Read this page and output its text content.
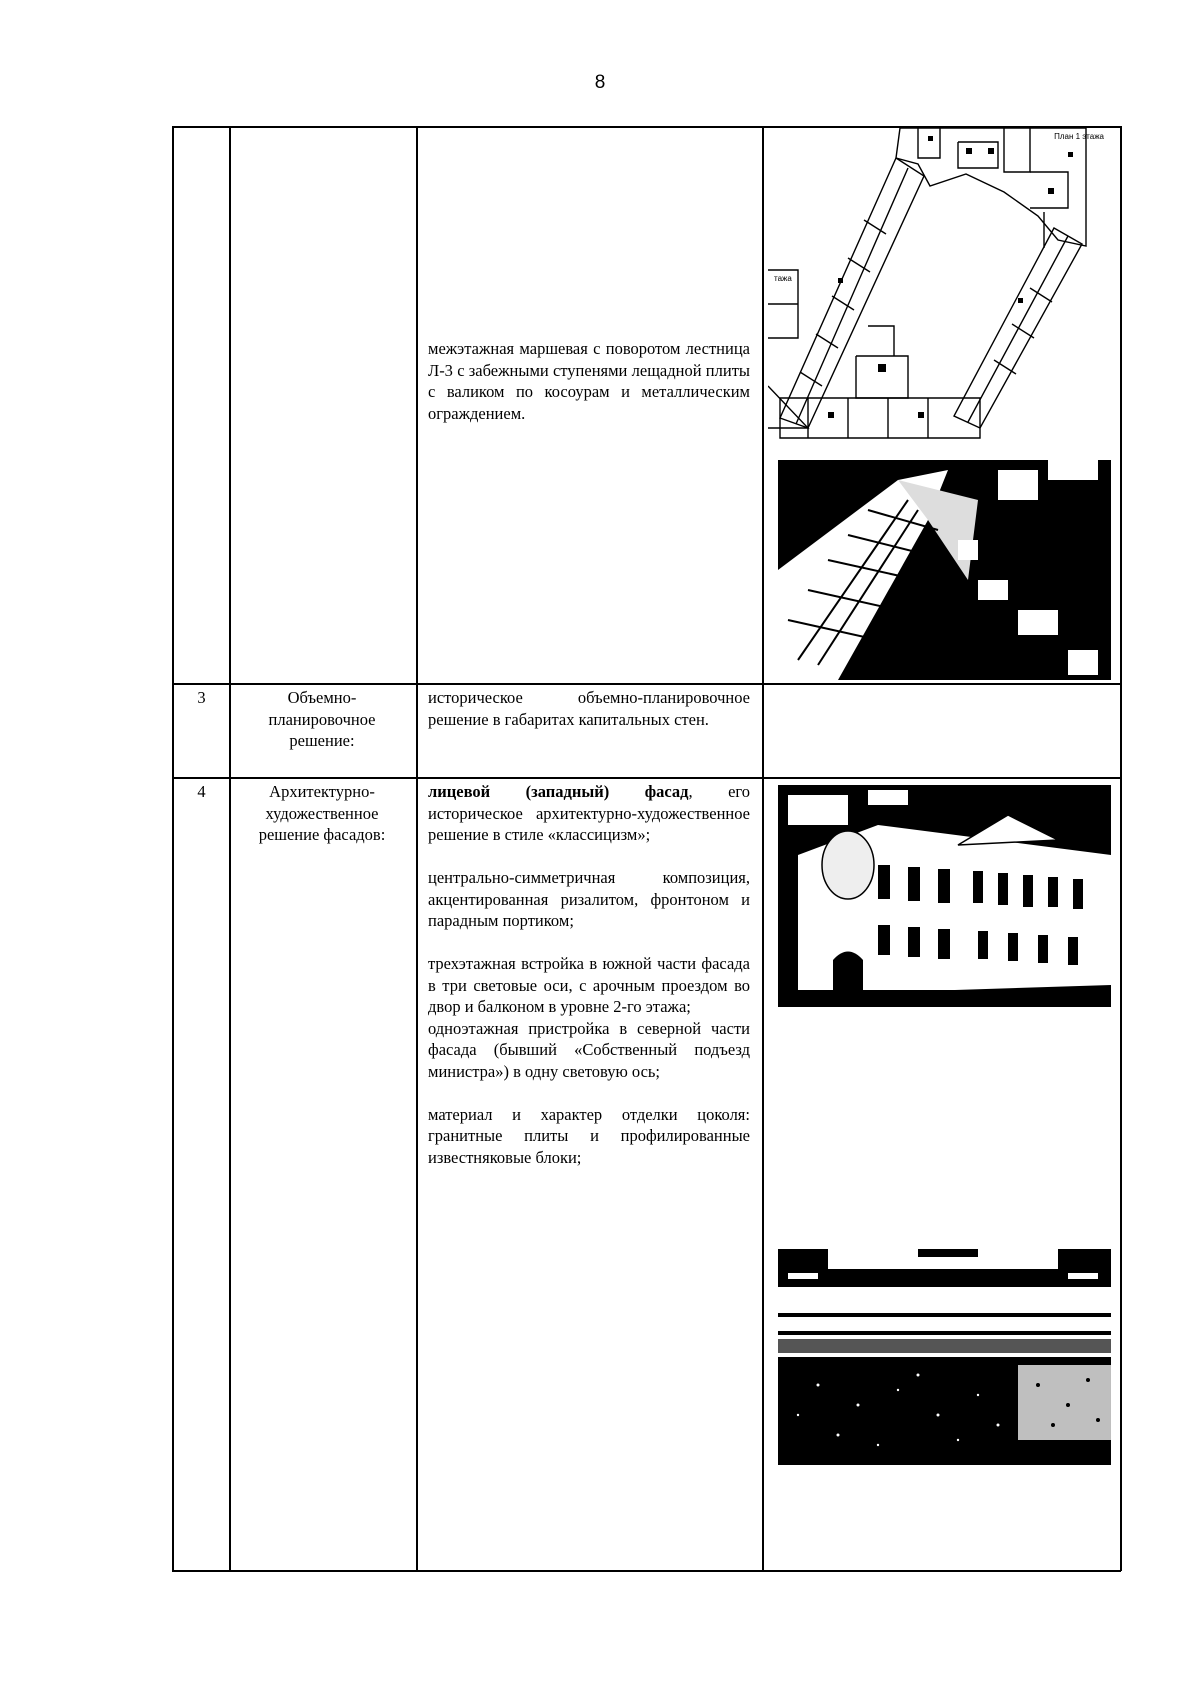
8
межэтажная маршевая с поворотом лестница Л-3 с забежными ступенями лещадной плиты с валиком по косоурам и металлическим ограждением.
План 1 этажа
тажа
3	Объемно-планировочное решение:
историческое объемно-планировочное решение в габаритах капитальных стен.
4	Архитектурно-художественное решение фасадов:

лицевой (западный) фасад, его историческое архитектурно-художественное решение в стиле «классицизм»;

центрально-симметричная композиция, акцентированная ризалитом, фронтоном и парадным портиком;

трехэтажная встройка в южной части фасада в три световые оси, с арочным проездом во двор и балконом в уровне 2-го этажа;

одноэтажная пристройка в северной части фасада (бывший «Собственный подъезд министра») в одну световую ось;

материал и характер отделки цоколя: гранитные плиты и профилированные известняковые блоки;
